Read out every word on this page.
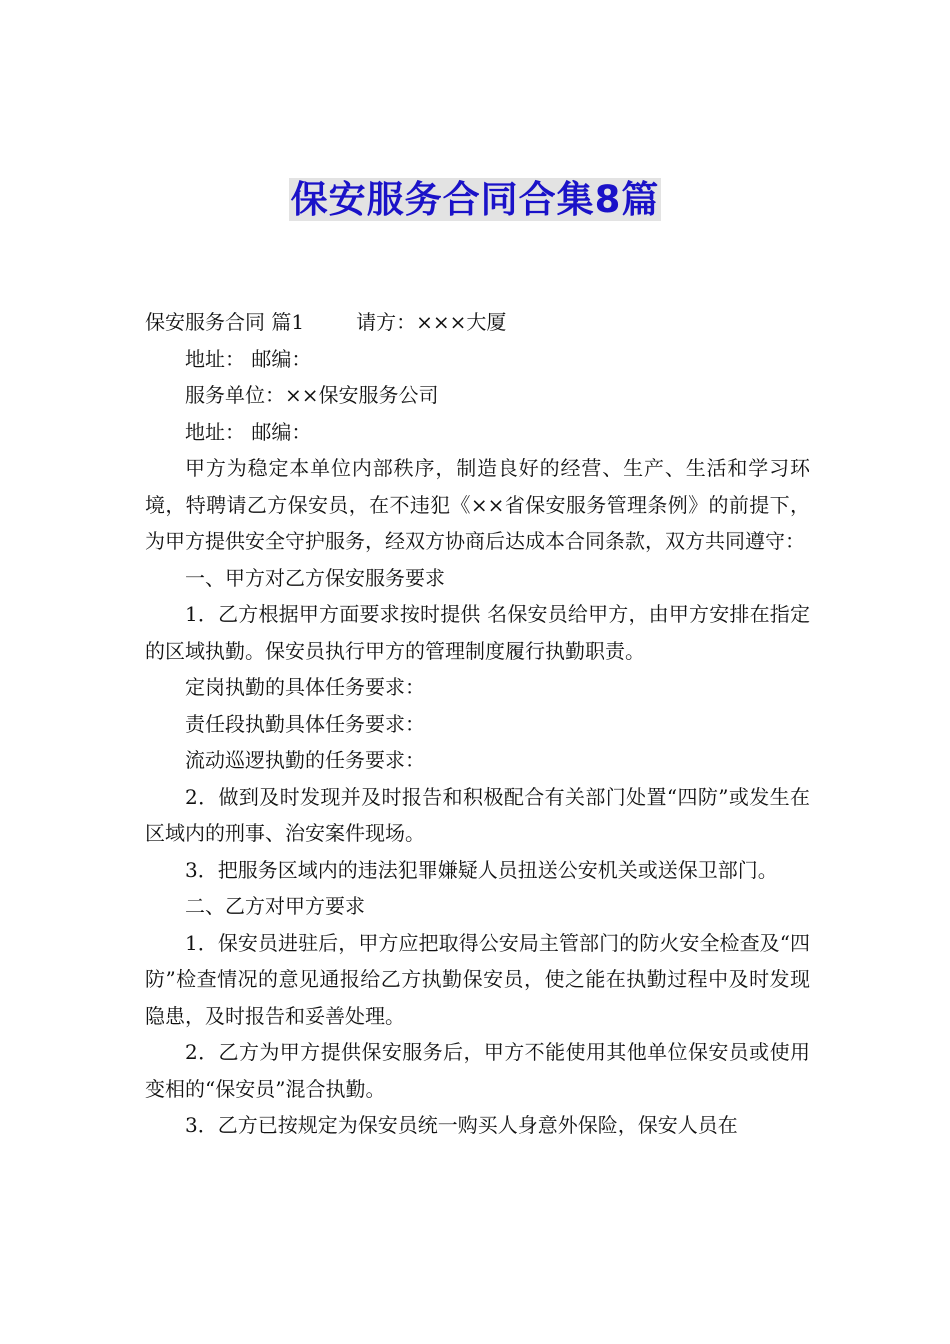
保安服务合同合集8篇

保安服务合同 篇1	请方：×××大厦

地址： 邮编：

服务单位：××保安服务公司

地址： 邮编：

甲方为稳定本单位内部秩序，制造良好的经营、生产、生活和学习环境，特聘请乙方保安员，在不违犯《××省保安服务管理条例》的前提下，为甲方提供安全守护服务，经双方协商后达成本合同条款，双方共同遵守：

一、甲方对乙方保安服务要求

1．乙方根据甲方面要求按时提供 名保安员给甲方，由甲方安排在指定的区域执勤。保安员执行甲方的管理制度履行执勤职责。

定岗执勤的具体任务要求：

责任段执勤具体任务要求：

流动巡逻执勤的任务要求：

2．做到及时发现并及时报告和积极配合有关部门处置“四防”或发生在区域内的刑事、治安案件现场。

3．把服务区域内的违法犯罪嫌疑人员扭送公安机关或送保卫部门。

二、乙方对甲方要求

1．保安员进驻后，甲方应把取得公安局主管部门的防火安全检查及“四防”检查情况的意见通报给乙方执勤保安员，使之能在执勤过程中及时发现隐患，及时报告和妥善处理。

2．乙方为甲方提供保安服务后，甲方不能使用其他单位保安员或使用变相的“保安员”混合执勤。

3．乙方已按规定为保安员统一购买人身意外保险，保安人员在
